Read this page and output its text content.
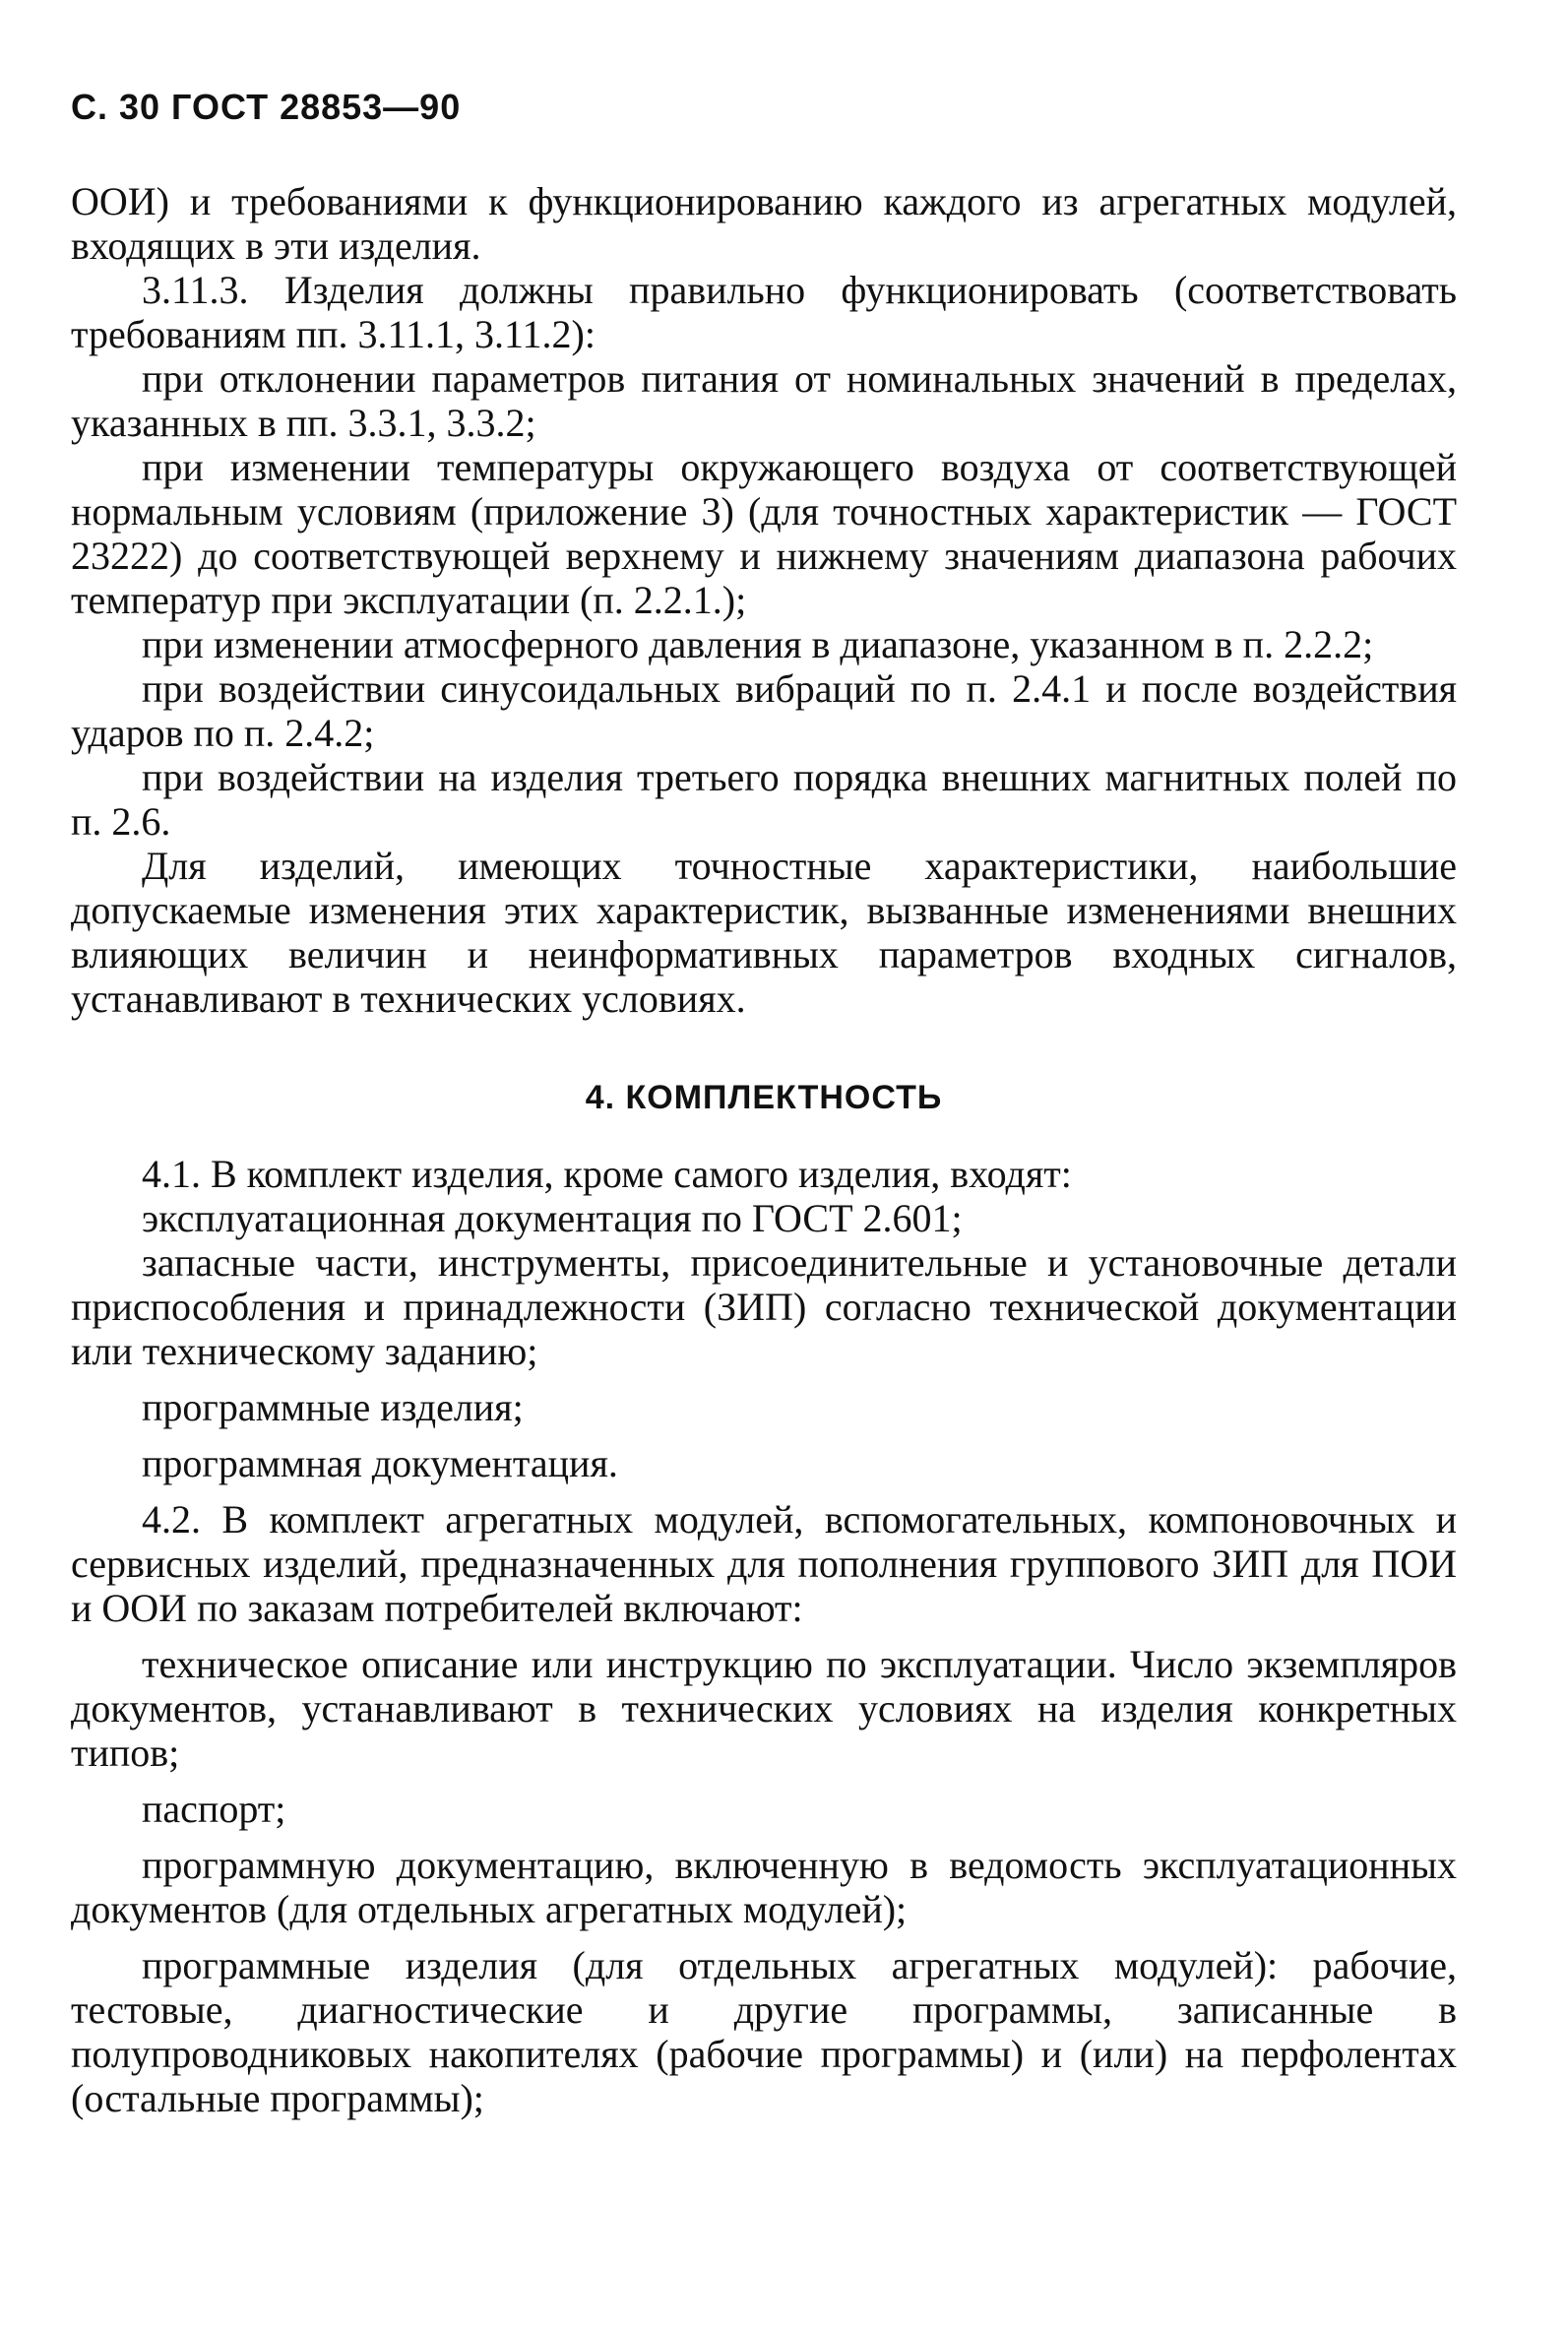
С. 30 ГОСТ 28853—90

ООИ) и требованиями к функционированию каждого из агрегатных модулей, входящих в эти изделия.

3.11.3. Изделия должны правильно функционировать (соответствовать требованиям пп. 3.11.1, 3.11.2):

при отклонении параметров питания от номинальных значений в пределах, указанных в пп. 3.3.1, 3.3.2;

при изменении температуры окружающего воздуха от соответствующей нормальным условиям (приложение 3) (для точностных характеристик — ГОСТ 23222) до соответствующей верхнему и нижнему значениям диапазона рабочих температур при эксплуатации (п. 2.2.1.);

при изменении атмосферного давления в диапазоне, указанном в п. 2.2.2;

при воздействии синусоидальных вибраций по п. 2.4.1 и после воздействия ударов по п. 2.4.2;

при воздействии на изделия третьего порядка внешних магнитных полей по п. 2.6.

Для изделий, имеющих точностные характеристики, наибольшие допускаемые изменения этих характеристик, вызванные изменениями внешних влияющих величин и неинформативных параметров входных сигналов, устанавливают в технических условиях.

4. КОМПЛЕКТНОСТЬ

4.1. В комплект изделия, кроме самого изделия, входят:

эксплуатационная документация по ГОСТ 2.601;

запасные части, инструменты, присоединительные и установочные детали приспособления и принадлежности (ЗИП) согласно технической документации или техническому заданию;

программные изделия;

программная документация.

4.2. В комплект агрегатных модулей, вспомогательных, компоновочных и сервисных изделий, предназначенных для пополнения группового ЗИП для ПОИ и ООИ по заказам потребителей включают:

техническое описание или инструкцию по эксплуатации. Число экземпляров документов, устанавливают в технических условиях на изделия конкретных типов;

паспорт;

программную документацию, включенную в ведомость эксплуатационных документов (для отдельных агрегатных модулей);

программные изделия (для отдельных агрегатных модулей): рабочие, тестовые, диагностические и другие программы, записанные в полупроводниковых накопителях (рабочие программы) и (или) на перфолентах (остальные программы);
